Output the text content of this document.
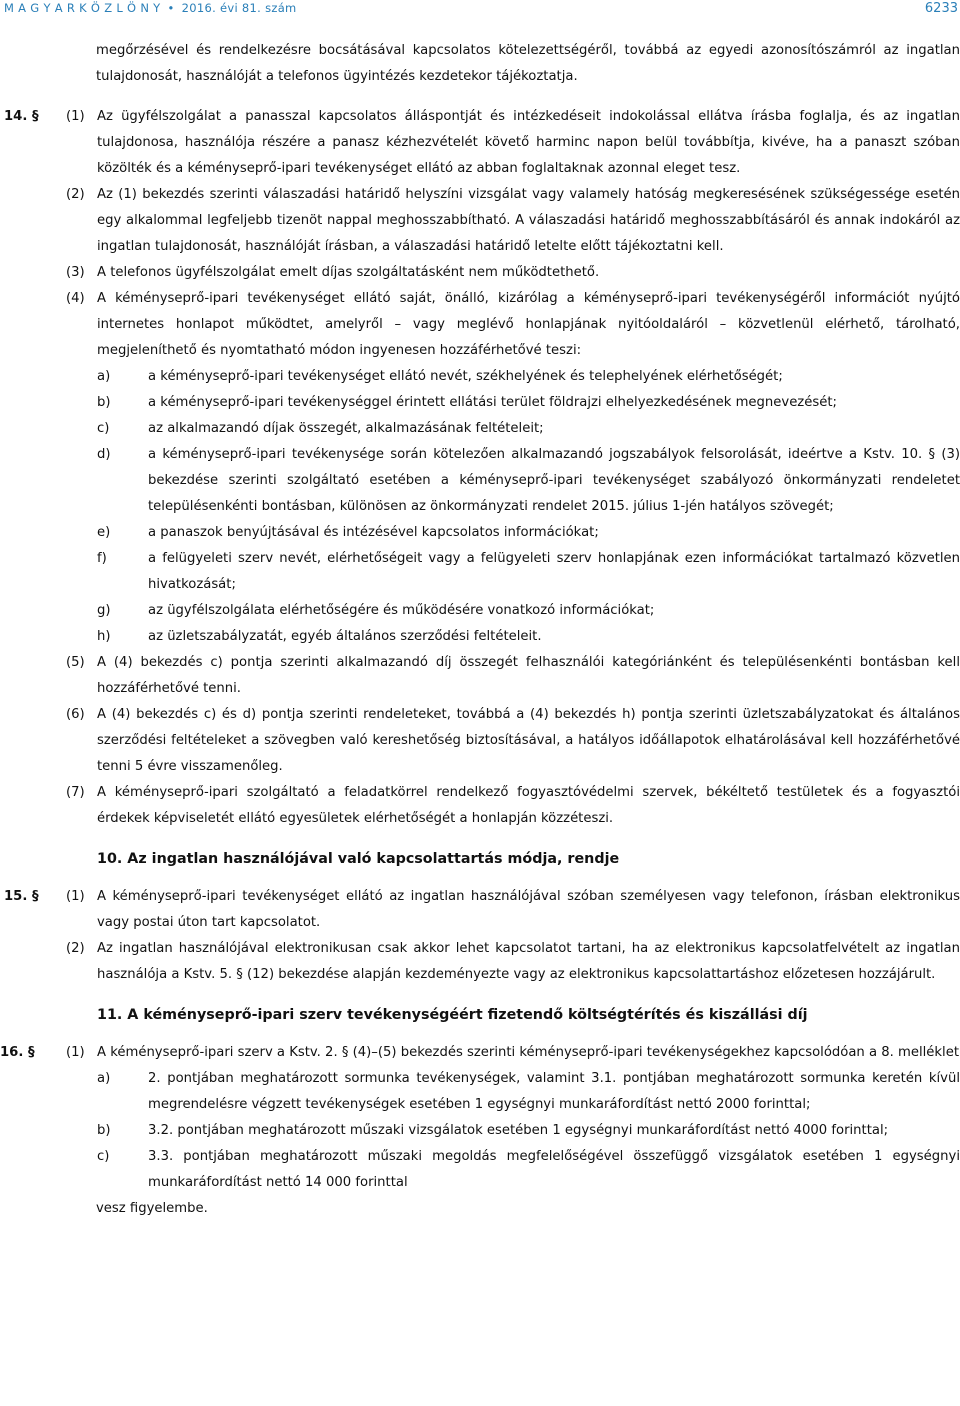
M A G Y A R K Ö Z L Ö N Y • 2016. évi 81. szám	6233
megőrzésével és rendelkezésre bocsátásával kapcsolatos kötelezettségéről, továbbá az egyedi azonosítószámról az ingatlan tulajdonosát, használóját a telefonos ügyintézés kezdetekor tájékoztatja.
14. § (1) Az ügyfélszolgálat a panasszal kapcsolatos álláspontját és intézkedéseit indokolással ellátva írásba foglalja, és az ingatlan tulajdonosa, használója részére a panasz kézhezvételét követő harminc napon belül továbbítja, kivéve, ha a panaszt szóban közölték és a kéményseprő-ipari tevékenységet ellátó az abban foglaltaknak azonnal eleget tesz.
(2) Az (1) bekezdés szerinti válaszadási határidő helyszíni vizsgálat vagy valamely hatóság megkeresésének szükségessége esetén egy alkalommal legfeljebb tizenöt nappal meghosszabbítható. A válaszadási határidő meghosszabbításáról és annak indokáról az ingatlan tulajdonosát, használóját írásban, a válaszadási határidő letelte előtt tájékoztatni kell.
(3) A telefonos ügyfélszolgálat emelt díjas szolgáltatásként nem működtethető.
(4) A kéményseprő-ipari tevékenységet ellátó saját, önálló, kizárólag a kéményseprő-ipari tevékenységéről információt nyújtó internetes honlapot működtet, amelyről – vagy meglévő honlapjának nyitóoldaláról – közvetlenül elérhető, tárolható, megjeleníthető és nyomtatható módon ingyenesen hozzáférhetővé teszi:
a)	a kéményseprő-ipari tevékenységet ellátó nevét, székhelyének és telephelyének elérhetőségét;
b)	a kéményseprő-ipari tevékenységgel érintett ellátási terület földrajzi elhelyezkedésének megnevezését;
c)	az alkalmazandó díjak összegét, alkalmazásának feltételeit;
d)	a kéményseprő-ipari tevékenysége során kötelezően alkalmazandó jogszabályok felsorolását, ideértve a Kstv. 10. § (3) bekezdése szerinti szolgáltató esetében a kéményseprő-ipari tevékenységet szabályozó önkormányzati rendeletet településenkénti bontásban, különösen az önkormányzati rendelet 2015. július 1-jén hatályos szövegét;
e)	a panaszok benyújtásával és intézésével kapcsolatos információkat;
f)	a felügyeleti szerv nevét, elérhetőségeit vagy a felügyeleti szerv honlapjának ezen információkat tartalmazó közvetlen hivatkozását;
g)	az ügyfélszolgálata elérhetőségére és működésére vonatkozó információkat;
h)	az üzletszabályzatát, egyéb általános szerződési feltételeit.
(5) A (4) bekezdés c) pontja szerinti alkalmazandó díj összegét felhasználói kategóriánként és településenkénti bontásban kell hozzáférhetővé tenni.
(6) A (4) bekezdés c) és d) pontja szerinti rendeleteket, továbbá a (4) bekezdés h) pontja szerinti üzletszabályzatokat és általános szerződési feltételeket a szövegben való kereshetőség biztosításával, a hatályos időállapotok elhatárolásával kell hozzáférhetővé tenni 5 évre visszamenőleg.
(7) A kéményseprő-ipari szolgáltató a feladatkörrel rendelkező fogyasztóvédelmi szervek, békéltető testületek és a fogyasztói érdekek képviseletét ellátó egyesületek elérhetőségét a honlapján közzéteszi.
10. Az ingatlan használójával való kapcsolattartás módja, rendje
15. § (1) A kéményseprő-ipari tevékenységet ellátó az ingatlan használójával szóban személyesen vagy telefonon, írásban elektronikus vagy postai úton tart kapcsolatot.
(2) Az ingatlan használójával elektronikusan csak akkor lehet kapcsolatot tartani, ha az elektronikus kapcsolatfelvételt az ingatlan használója a Kstv. 5. § (12) bekezdése alapján kezdeményezte vagy az elektronikus kapcsolattartáshoz előzetesen hozzájárult.
11. A kéményseprő-ipari szerv tevékenységéért fizetendő költségtérítés és kiszállási díj
16. § (1) A kéményseprő-ipari szerv a Kstv. 2. § (4)–(5) bekezdés szerinti kéményseprő-ipari tevékenységekhez kapcsolódóan a 8. melléklet
a)	2. pontjában meghatározott sormunka tevékenységek, valamint 3.1. pontjában meghatározott sormunka keretén kívül megrendelésre végzett tevékenységek esetében 1 egységnyi munkaráfordítást nettó 2000 forinttal;
b)	3.2. pontjában meghatározott műszaki vizsgálatok esetében 1 egységnyi munkaráfordítást nettó 4000 forinttal;
c)	3.3. pontjában meghatározott műszaki megoldás megfelelőségével összefüggő vizsgálatok esetében 1 egységnyi munkaráfordítást nettó 14 000 forinttal
vesz figyelembe.
